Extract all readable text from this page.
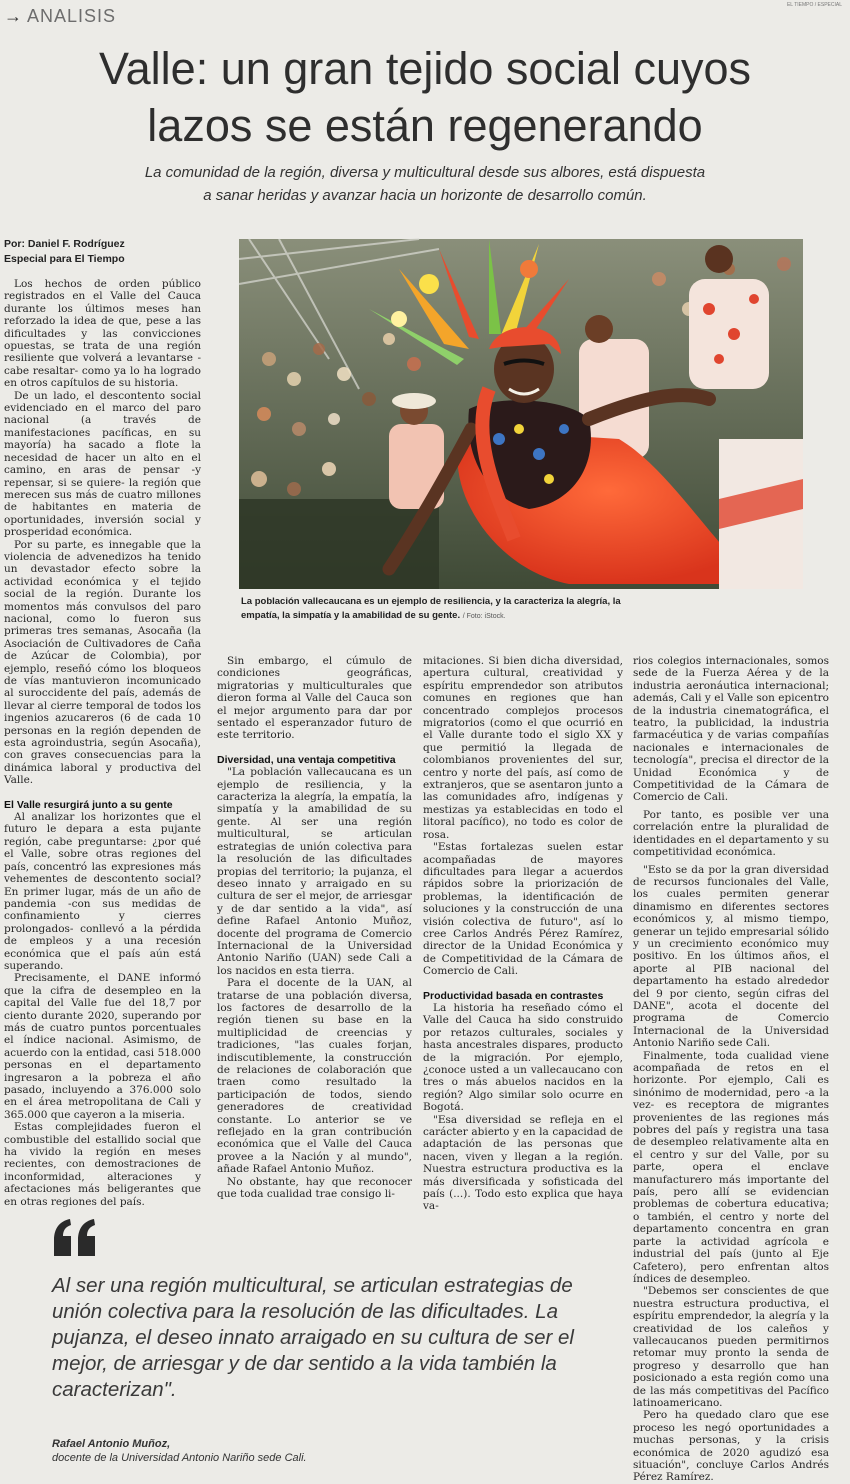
→ ANALISIS
EL TIEMPO / ESPECIAL
Valle: un gran tejido social cuyos
lazos se están regenerando
La comunidad de la región, diversa y multicultural desde sus albores, está dispuesta
a sanar heridas y avanzar hacia un horizonte de desarrollo común.
Por: Daniel F. Rodríguez
Especial para El Tiempo

Los hechos de orden público registrados en el Valle del Cauca durante los últimos meses han reforzado la idea de que, pese a las dificultades y las convicciones opuestas, se trata de una región resiliente que volverá a levantarse -cabe resaltar- como ya lo ha logrado en otros capítulos de su historia.

De un lado, el descontento social evidenciado en el marco del paro nacional (a través de manifestaciones pacíficas, en su mayoría) ha sacado a flote la necesidad de hacer un alto en el camino, en aras de pensar -y repensar, si se quiere- la región que merecen sus más de cuatro millones de habitantes en materia de oportunidades, inversión social y prosperidad económica.

Por su parte, es innegable que la violencia de advenedizos ha tenido un devastador efecto sobre la actividad económica y el tejido social de la región. Durante los momentos más convulsos del paro nacional, como lo fueron sus primeras tres semanas, Asocaña (la Asociación de Cultivadores de Caña de Azúcar de Colombia), por ejemplo, reseñó cómo los bloqueos de vías mantuvieron incomunicado al suroccidente del país, además de llevar al cierre temporal de todos los ingenios azucareros (6 de cada 10 personas en la región dependen de esta agroindustria, según Asocaña), con graves consecuencias para la dinámica laboral y productiva del Valle.

El Valle resurgirá junto a su gente

Al analizar los horizontes que el futuro le depara a esta pujante región, cabe preguntarse: ¿por qué el Valle, sobre otras regiones del país, concentró las expresiones más vehementes de descontento social? En primer lugar, más de un año de pandemia -con sus medidas de confinamiento y cierres prolongados- conllevó a la pérdida de empleos y a una recesión económica que el país aún está superando.

Precisamente, el DANE informó que la cifra de desempleo en la capital del Valle fue del 18,7 por ciento durante 2020, superando por más de cuatro puntos porcentuales el índice nacional. Asimismo, de acuerdo con la entidad, casi 518.000 personas en el departamento ingresaron a la pobreza el año pasado, incluyendo a 376.000 solo en el área metropolitana de Cali y 365.000 que cayeron a la miseria.

Estas complejidades fueron el combustible del estallido social que ha vivido la región en meses recientes, con demostraciones de inconformidad, alteraciones y afectaciones más beligerantes que en otras regiones del país.

La población vallecaucana es un ejemplo de resiliencia, y la caracteriza la alegría, la empatía, la simpatía y la amabilidad de su gente. / Foto: iStock.

Sin embargo, el cúmulo de condiciones geográficas, migratorias y multiculturales que dieron forma al Valle del Cauca son el mejor argumento para dar por sentado el esperanzador futuro de este territorio.

Diversidad, una ventaja competitiva

"La población vallecaucana es un ejemplo de resiliencia, y la caracteriza la alegría, la empatía, la simpatía y la amabilidad de su gente. Al ser una región multicultural, se articulan estrategias de unión colectiva para la resolución de las dificultades propias del territorio; la pujanza, el deseo innato y arraigado en su cultura de ser el mejor, de arriesgar y de dar sentido a la vida", así define Rafael Antonio Muñoz, docente del programa de Comercio Internacional de la Universidad Antonio Nariño (UAN) sede Cali a los nacidos en esta tierra.

Para el docente de la UAN, al tratarse de una población diversa, los factores de desarrollo de la región tienen su base en la multiplicidad de creencias y tradiciones, "las cuales forjan, indiscutiblemente, la construcción de relaciones de colaboración que traen como resultado la participación de todos, siendo generadores de creatividad constante. Lo anterior se ve reflejado en la gran contribución económica que el Valle del Cauca provee a la Nación y al mundo", añade Rafael Antonio Muñoz.

No obstante, hay que reconocer que toda cualidad trae consigo li-

mitaciones. Si bien dicha diversidad, apertura cultural, creatividad y espíritu emprendedor son atributos comunes en regiones que han concentrado complejos procesos migratorios (como el que ocurrió en el Valle durante todo el siglo XX y que permitió la llegada de colombianos provenientes del sur, centro y norte del país, así como de extranjeros, que se asentaron junto a las comunidades afro, indígenas y mestizas ya establecidas en todo el litoral pacífico), no todo es color de rosa.

"Estas fortalezas suelen estar acompañadas de mayores dificultades para llegar a acuerdos rápidos sobre la priorización de problemas, la identificación de soluciones y la construcción de una visión colectiva de futuro", así lo cree Carlos Andrés Pérez Ramírez, director de la Unidad Económica y de Competitividad de la Cámara de Comercio de Cali.

Productividad basada en contrastes

La historia ha reseñado cómo el Valle del Cauca ha sido construido por retazos culturales, sociales y hasta ancestrales dispares, producto de la migración. Por ejemplo, ¿conoce usted a un vallecaucano con tres o más abuelos nacidos en la región? Algo similar solo ocurre en Bogotá.

"Esa diversidad se refleja en el carácter abierto y en la capacidad de adaptación de las personas que nacen, viven y llegan a la región. Nuestra estructura productiva es la más diversificada y sofisticada del país (...). Todo esto explica que haya va-

rios colegios internacionales, somos sede de la Fuerza Aérea y de la industria aeronáutica internacional; además, Cali y el Valle son epicentro de la industria cinematográfica, el teatro, la publicidad, la industria farmacéutica y de varias compañías nacionales e internacionales de tecnología", precisa el director de la Unidad Económica y de Competitividad de la Cámara de Comercio de Cali.

Por tanto, es posible ver una correlación entre la pluralidad de identidades en el departamento y su competitividad económica.

"Esto se da por la gran diversidad de recursos funcionales del Valle, los cuales permiten generar dinamismo en diferentes sectores económicos y, al mismo tiempo, generar un tejido empresarial sólido y un crecimiento económico muy positivo. En los últimos años, el aporte al PIB nacional del departamento ha estado alrededor del 9 por ciento, según cifras del DANE", acota el docente del programa de Comercio Internacional de la Universidad Antonio Nariño sede Cali.

Finalmente, toda cualidad viene acompañada de retos en el horizonte. Por ejemplo, Cali es sinónimo de modernidad, pero -a la vez- es receptora de migrantes provenientes de las regiones más pobres del país y registra una tasa de desempleo relativamente alta en el centro y sur del Valle, por su parte, opera el enclave manufacturero más importante del país, pero allí se evidencian problemas de cobertura educativa; o también, el centro y norte del departamento concentra en gran parte la actividad agrícola e industrial del país (junto al Eje Cafetero), pero enfrentan altos índices de desempleo.

"Debemos ser conscientes de que nuestra estructura productiva, el espíritu emprendedor, la alegría y la creatividad de los caleños y vallecaucanos pueden permitirnos retomar muy pronto la senda de progreso y desarrollo que han posicionado a esta región como una de las más competitivas del Pacífico latinoamericano.

Pero ha quedado claro que ese proceso les negó oportunidades a muchas personas, y la crisis económica de 2020 agudizó esa situación", concluye Carlos Andrés Pérez Ramírez.

Al ser una región multicultural, se articulan estrategias de unión colectiva para la resolución de las dificultades. La pujanza, el deseo innato arraigado en su cultura de ser el mejor, de arriesgar y de dar sentido a la vida también la caracterizan".
Rafael Antonio Muñoz,
docente de la Universidad Antonio Nariño sede Cali.
